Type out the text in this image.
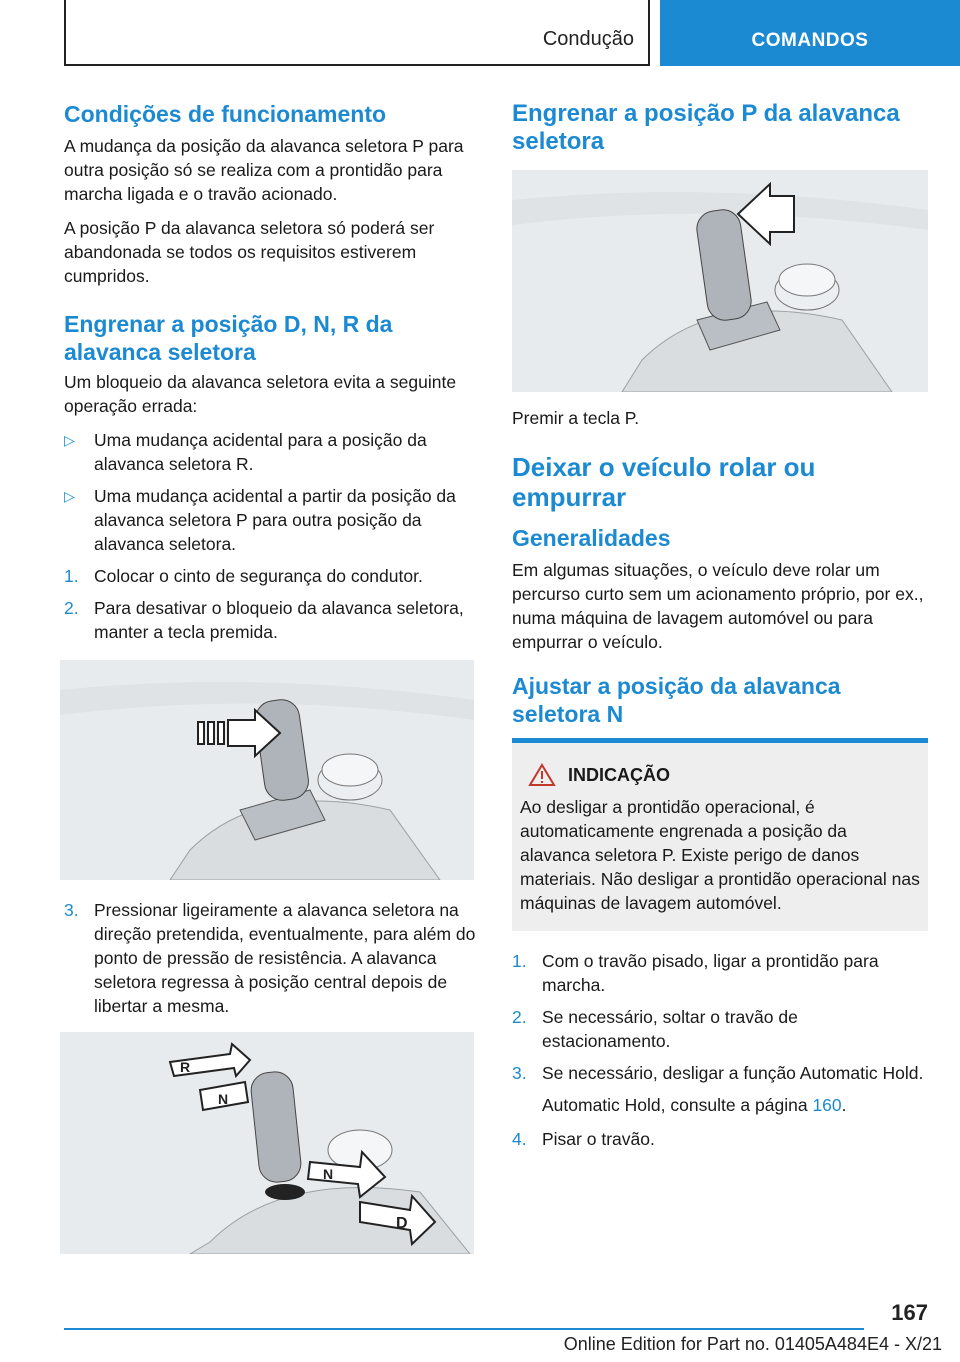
Condução	COMANDOS
Condições de funcionamento

A mudança da posição da alavanca seletora P para outra posição só se realiza com a prontidão para marcha ligada e o travão acionado.

A posição P da alavanca seletora só poderá ser abandonada se todos os requisitos estiverem cumpridos.

Engrenar a posição D, N, R da alavanca seletora

Um bloqueio da alavanca seletora evita a seguinte operação errada:

▷ Uma mudança acidental para a posição da alavanca seletora R.
▷ Uma mudança acidental a partir da posição da alavanca seletora P para outra posição da alavanca seletora.
1. Colocar o cinto de segurança do condutor.
2. Para desativar o bloqueio da alavanca seletora, manter a tecla premida.
3. Pressionar ligeiramente a alavanca seletora na direção pretendida, eventualmente, para além do ponto de pressão de resistência. A alavanca seletora regressa à posição central depois de libertar a mesma.
R
N
N
D
Engrenar a posição P da alavanca seletora

Premir a tecla P.

Deixar o veículo rolar ou empurrar
Generalidades

Em algumas situações, o veículo deve rolar um percurso curto sem um acionamento próprio, por ex., numa máquina de lavagem automóvel ou para empurrar o veículo.

Ajustar a posição da alavanca seletora N
INDICAÇÃO

Ao desligar a prontidão operacional, é automaticamente engrenada a posição da alavanca seletora P. Existe perigo de danos materiais. Não desligar a prontidão operacional nas máquinas de lavagem automóvel.

1. Com o travão pisado, ligar a prontidão para marcha.
2. Se necessário, soltar o travão de estacionamento.
3. Se necessário, desligar a função Automatic Hold.

Automatic Hold, consulte a página 160.

4. Pisar o travão.
167
Online Edition for Part no. 01405A484E4 - X/21
